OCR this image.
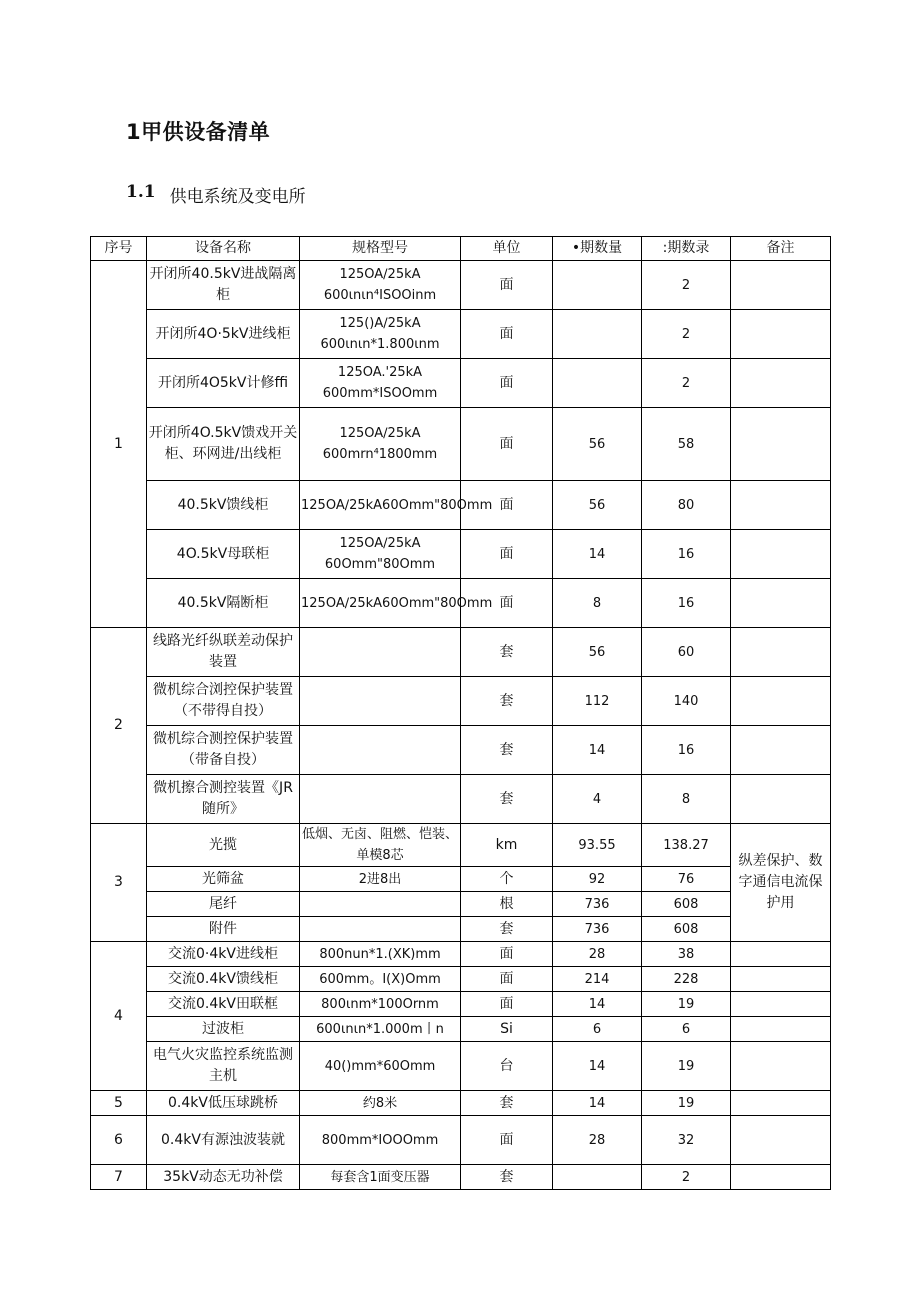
1甲供设备清单
1.1 供电系统及变电所
序号	设备名称	规格型号	单位	•期数量	:期数录	备注
1	开闭所40.5kV进战隔离柜	125OA∕25kA 600ιnιn⁴ISOOinm	面		2	
	开闭所4O·5kV进线柜	125()A∕25kA 600ιnιn*1.800ιnm	面		2	
	开闭所4O5kV计修ffi	125OA.'25kA 600mm*ISOOmm	面		2	
	开闭所4O.5kV馈戏开关柜、环网进/出线柜	125OA∕25kA 600mrn⁴1800mm	面	56	58	
	40.5kV馈线柜	125OA∕25kA60Omm"80Omm	面	56	80	
	4O.5kV母联柜	125OA∕25kA 60Omm"80Omm	面	14	16	
	40.5kV隔断柜	125OA∕25kA60Omm"80Omm	面	8	16	
2	线路光纤纵联差动保护装置		套	56	60	
	微机综合浏控保护装置（不带得自投）		套	112	140	
	微机综合测控保护装置（带备自投）		套	14	16	
	微机擦合测控装置《JR随所》		套	4	8	
3	光揽	低烟、无卤、阻燃、恺装、单模8芯	km	93.55	138.27	纵差保护、数字通信电流保护用
	光筛盆	2进8出	个	92	76	
	尾纤		根	736	608	
	附件		套	736	608	
4	交流0·4kV进线柜	800nun*1.(XK)mm	面	28	38	
	交流0.4kV馈线柜	600mm。I(X)Omm	面	214	228	
	交流0.4kV田联框	800ιnm*100Ornm	面	14	19	
	过波柜	600ιnιn*1.000m丨n	Si	6	6	
	电气火灾监控系统监测主机	40()mm*60Omm	台	14	19	
5	0.4kV低压球跳桥	约8米	套	14	19	
6	0.4kV有源浊波装就	800mm*IOOOmm	面	28	32	
7	35kV动态无功补偿	每套含1面变压器	套		2	
